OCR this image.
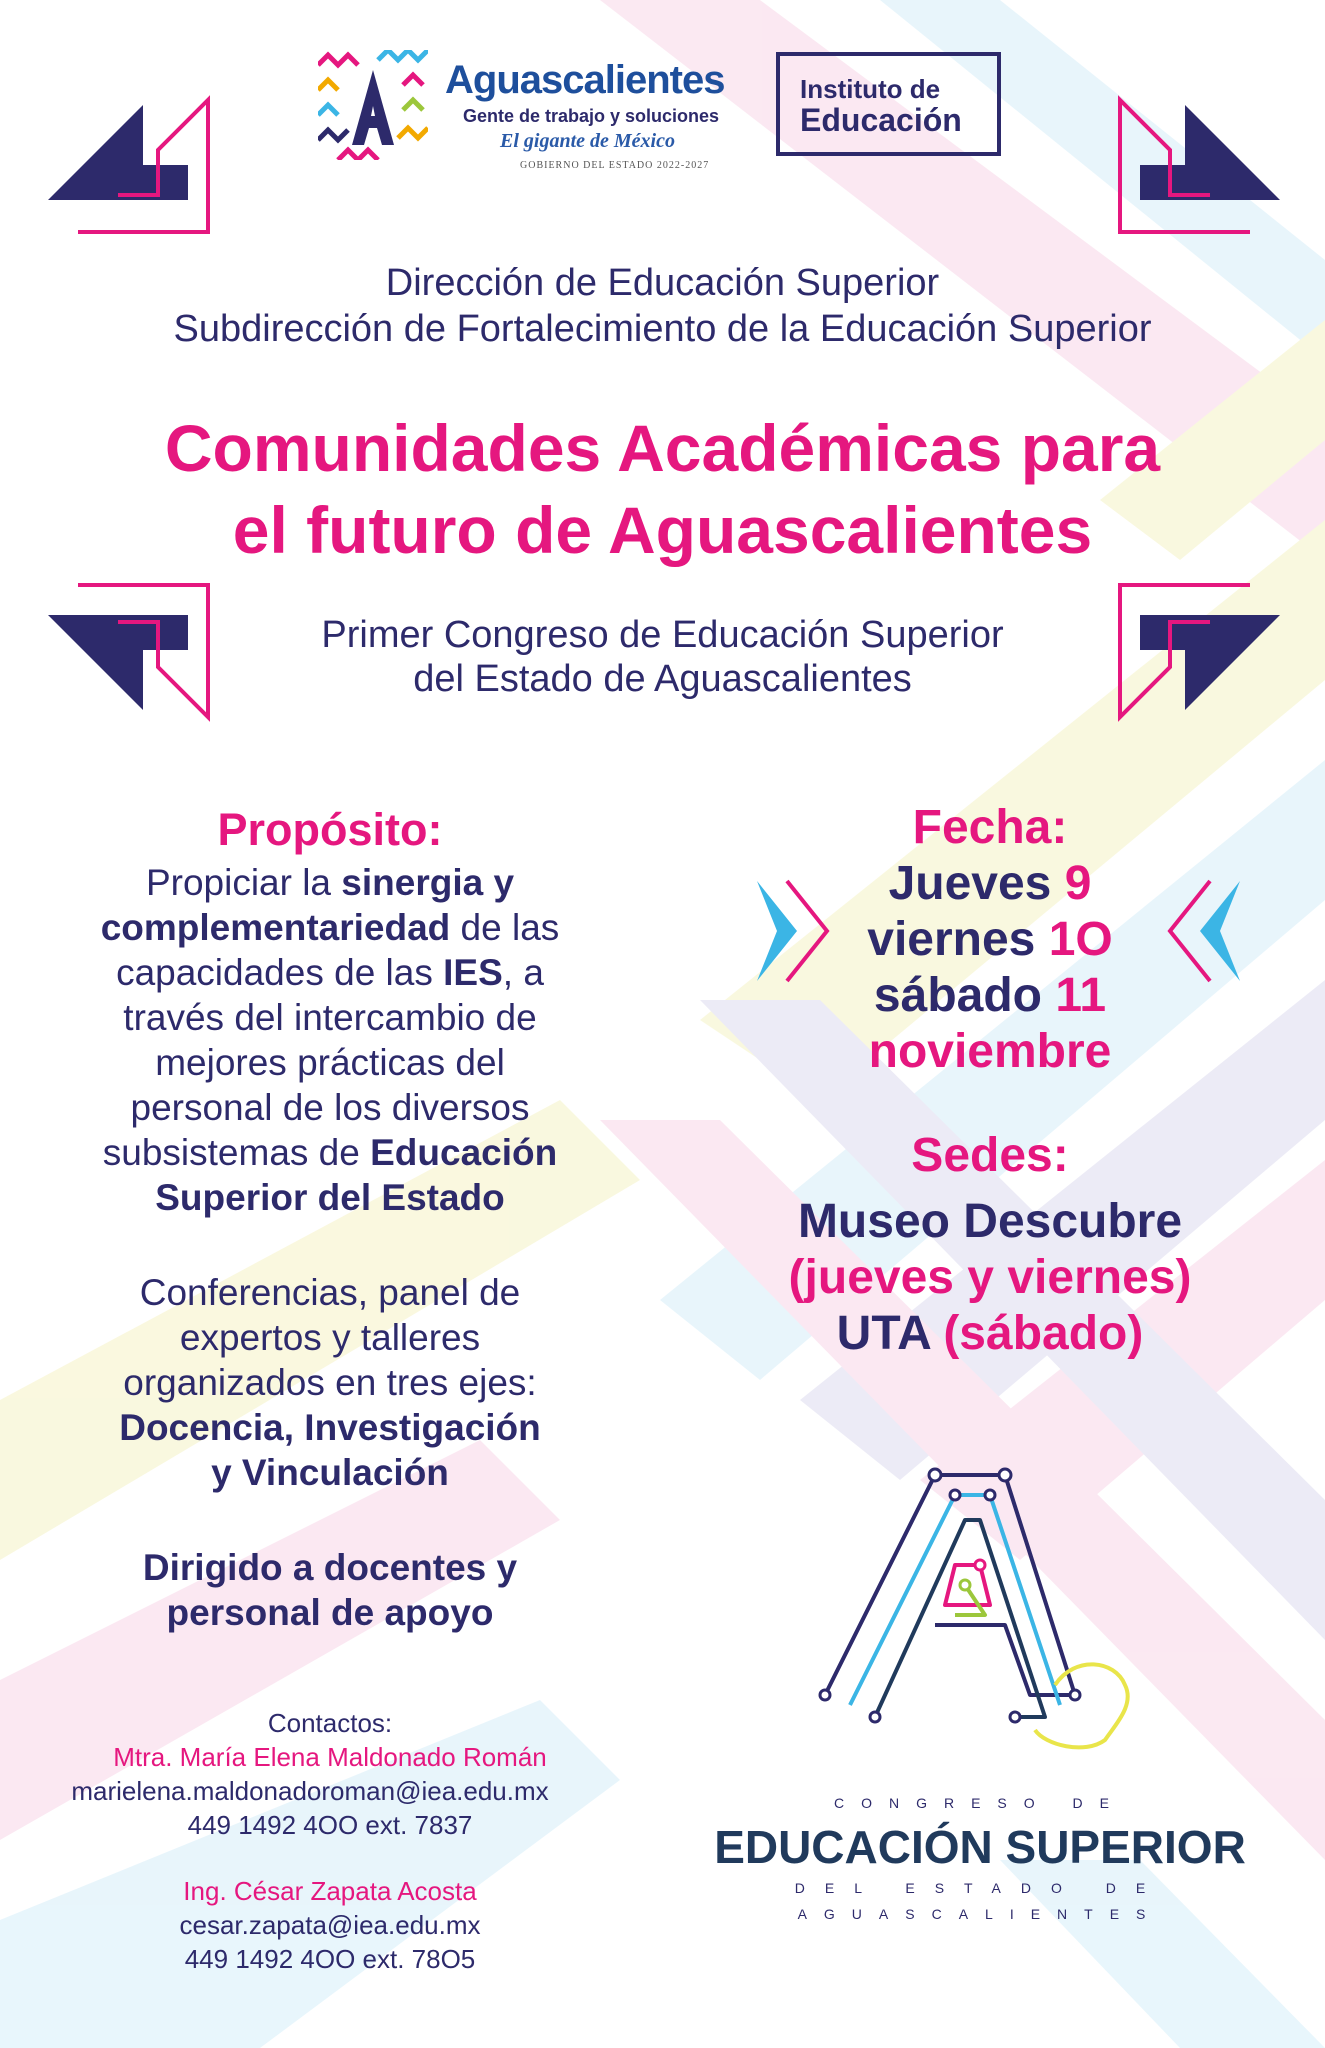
Aguascalientes
Gente de trabajo y soluciones
El gigante de México
GOBIERNO DEL ESTADO 2022-2027
Instituto de
Educación
Dirección de Educación Superior
Subdirección de Fortalecimiento de la Educación Superior
Comunidades Académicas para
el futuro de Aguascalientes
Primer Congreso de Educación Superior
del Estado de Aguascalientes
Propósito:
Propiciar la sinergia y
complementariedad de las
capacidades de las IES, a
través del intercambio de
mejores prácticas del
personal de los diversos
subsistemas de Educación
Superior del Estado
Conferencias, panel de
expertos y talleres
organizados en tres ejes:
Docencia, Investigación
y Vinculación
Dirigido a docentes y
personal de apoyo
Contactos:
Mtra. María Elena Maldonado Román
marielena.maldonadoroman@iea.edu.mx
449 1492 4OO ext. 7837
Ing. César Zapata Acosta
cesar.zapata@iea.edu.mx
449 1492 4OO ext. 78O5
Fecha:
Jueves 9
viernes 1O
sábado 11
noviembre
Sedes:
Museo Descubre
(jueves y viernes)
UTA (sábado)
CONGRESO DE
EDUCACIÓN SUPERIOR
DEL ESTADO DE
AGUASCALIENTES
